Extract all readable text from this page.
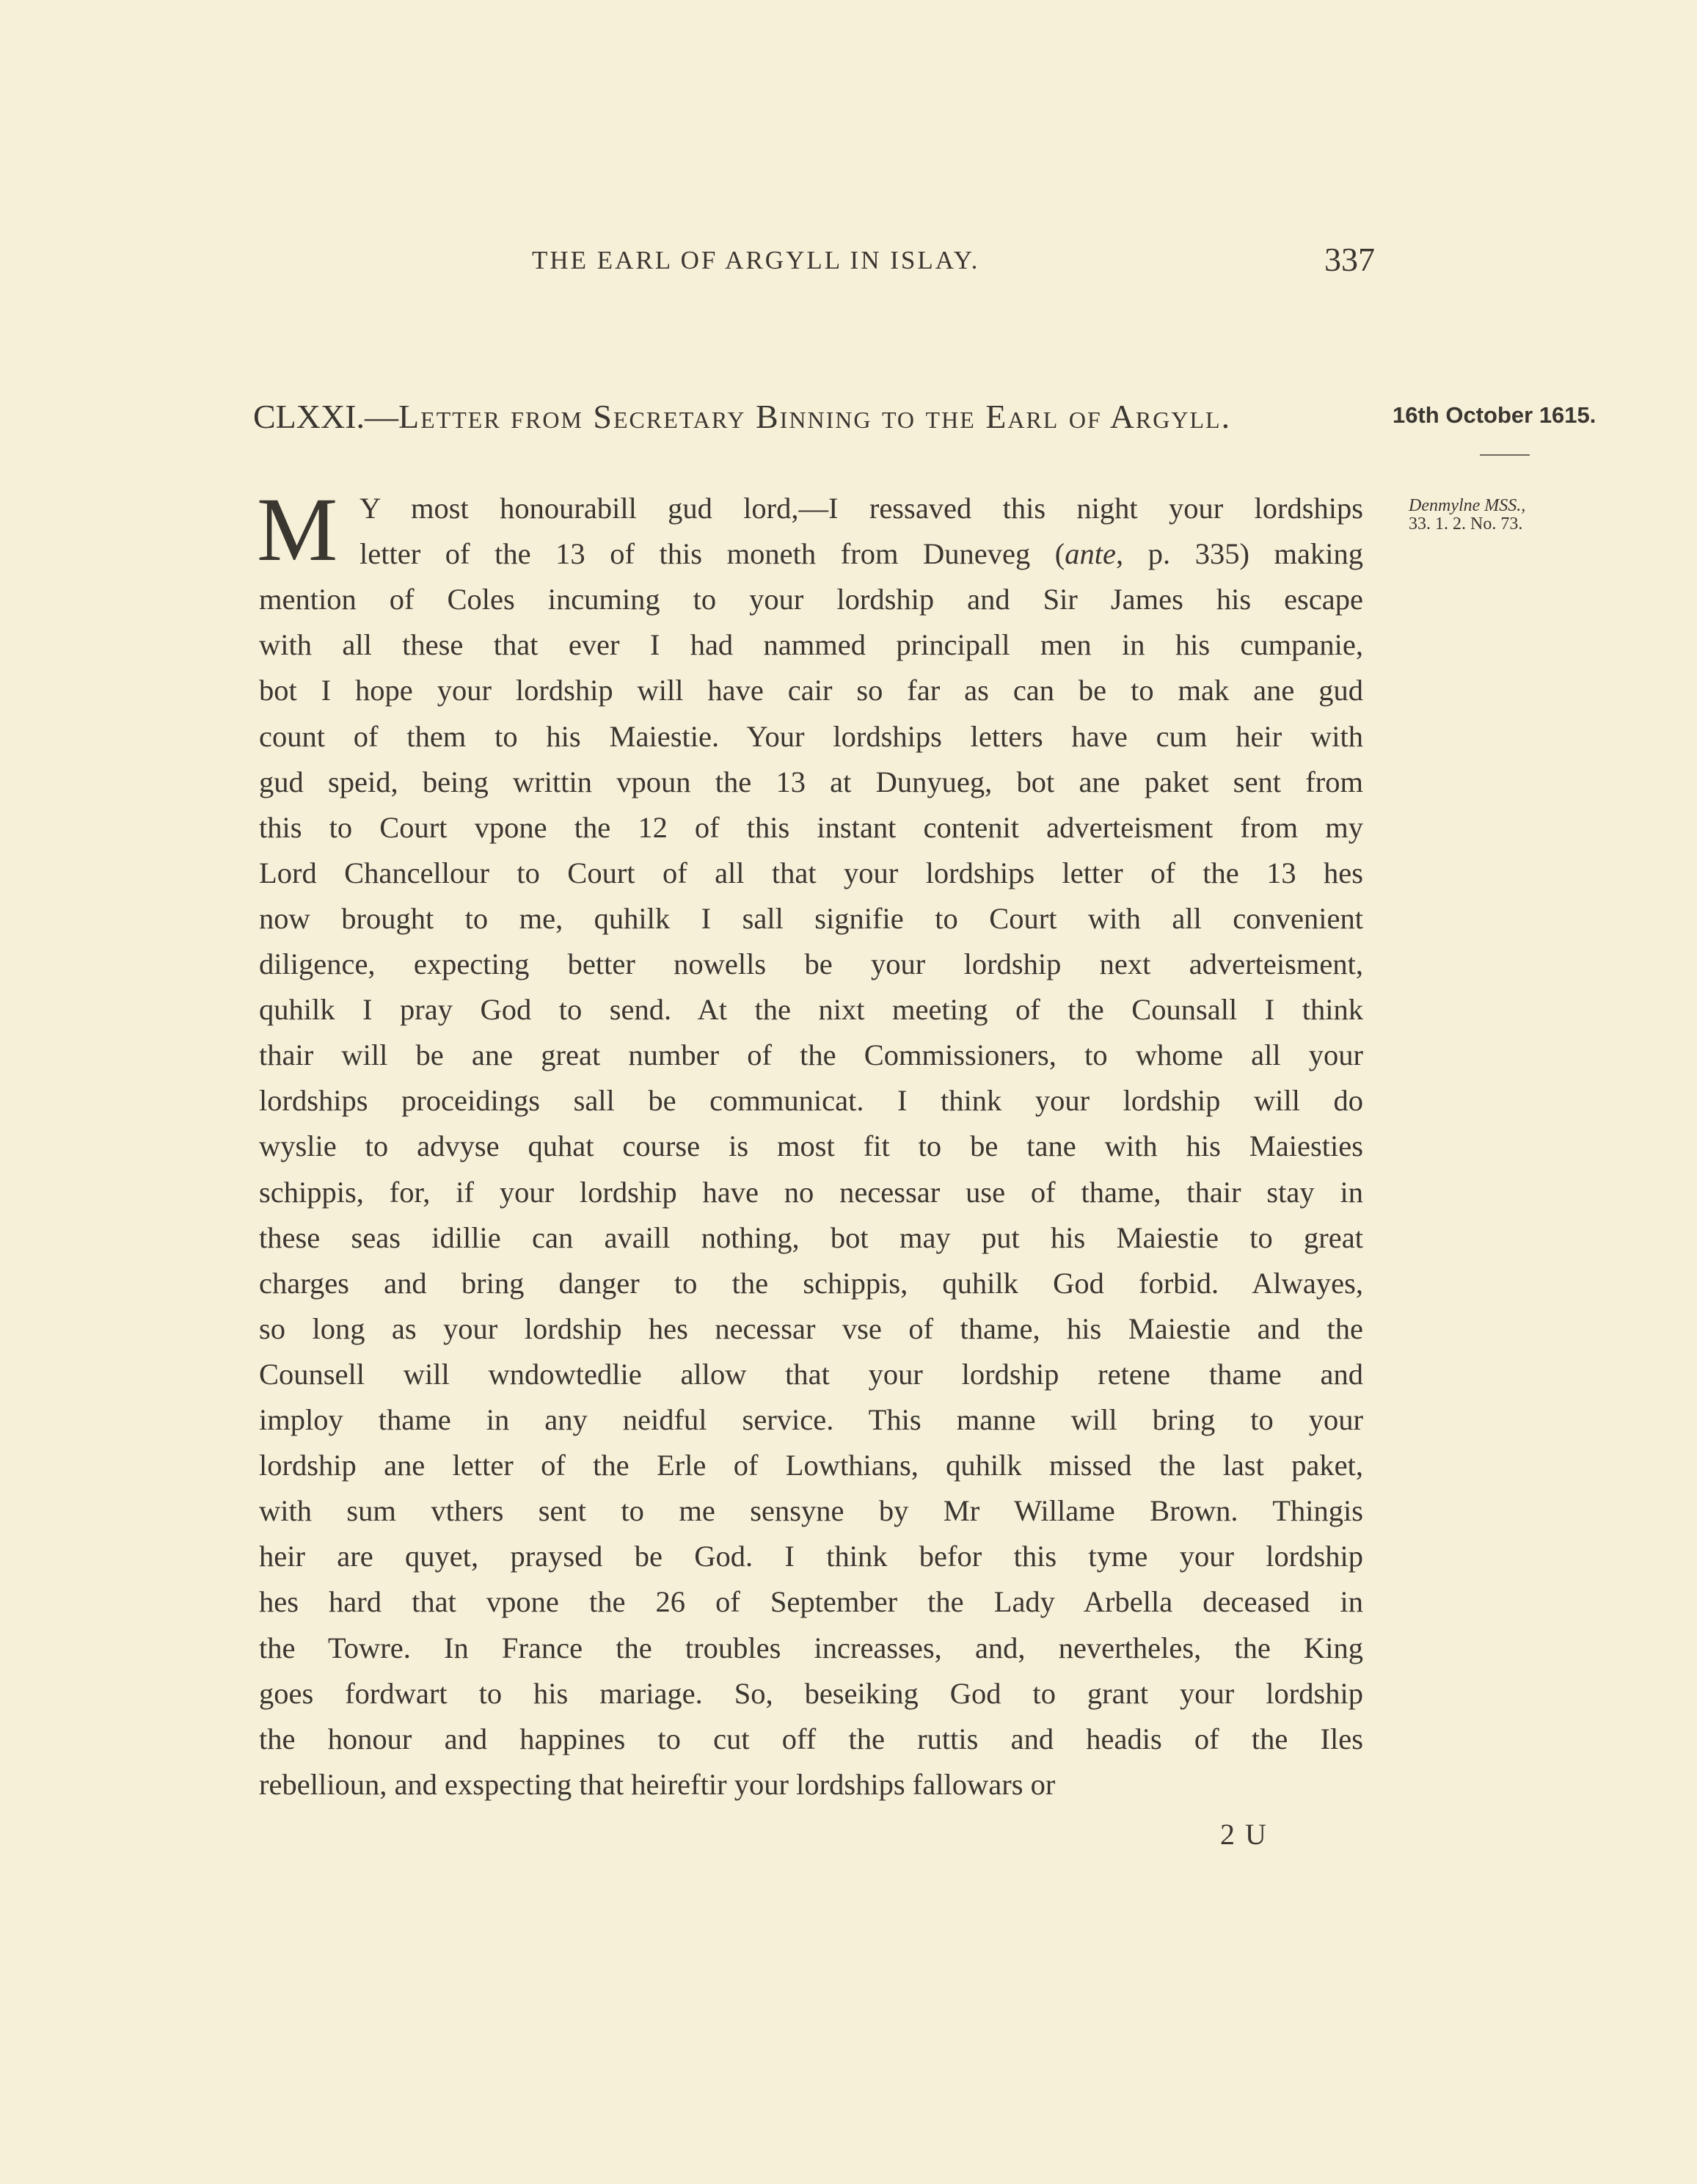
THE EARL OF ARGYLL IN ISLAY.	337
CLXXI.—Letter from Secretary Binning to the Earl of Argyll.	16th October 1615.
Denmylne MSS.,
33. 1. 2. No. 73.
M Y most honourabill gud lord,—I ressaved this night your lordships
letter of the 13 of this moneth from Duneveg (ante, p. 335) making
mention of Coles incuming to your lordship and Sir James his escape
with all these that ever I had nammed principall men in his cumpanie,
bot I hope your lordship will have cair so far as can be to mak ane gud
count of them to his Maiestie. Your lordships letters have cum heir with
gud speid, being writtin vpoun the 13 at Dunyueg, bot ane paket sent from
this to Court vpone the 12 of this instant contenit adverteisment from my
Lord Chancellour to Court of all that your lordships letter of the 13 hes
now brought to me, quhilk I sall signifie to Court with all convenient
diligence, expecting better nowells be your lordship next adverteisment,
quhilk I pray God to send. At the nixt meeting of the Counsall I think
thair will be ane great number of the Commissioners, to whome all your
lordships proceidings sall be communicat. I think your lordship will do
wyslie to advyse quhat course is most fit to be tane with his Maiesties
schippis, for, if your lordship have no necessar use of thame, thair stay in
these seas idillie can availl nothing, bot may put his Maiestie to great
charges and bring danger to the schippis, quhilk God forbid. Alwayes,
so long as your lordship hes necessar vse of thame, his Maiestie and the
Counsell will wndowtedlie allow that your lordship retene thame and
imploy thame in any neidful service. This manne will bring to your
lordship ane letter of the Erle of Lowthians, quhilk missed the last paket,
with sum vthers sent to me sensyne by Mr Willame Brown. Thingis
heir are quyet, praysed be God. I think befor this tyme your lordship
hes hard that vpone the 26 of September the Lady Arbella deceased in
the Towre. In France the troubles increasses, and, nevertheles, the King
goes fordwart to his mariage. So, beseiking God to grant your lordship
the honour and happines to cut off the ruttis and headis of the Iles
rebellioun, and exspecting that heireftir your lordships fallowars or
2 U
